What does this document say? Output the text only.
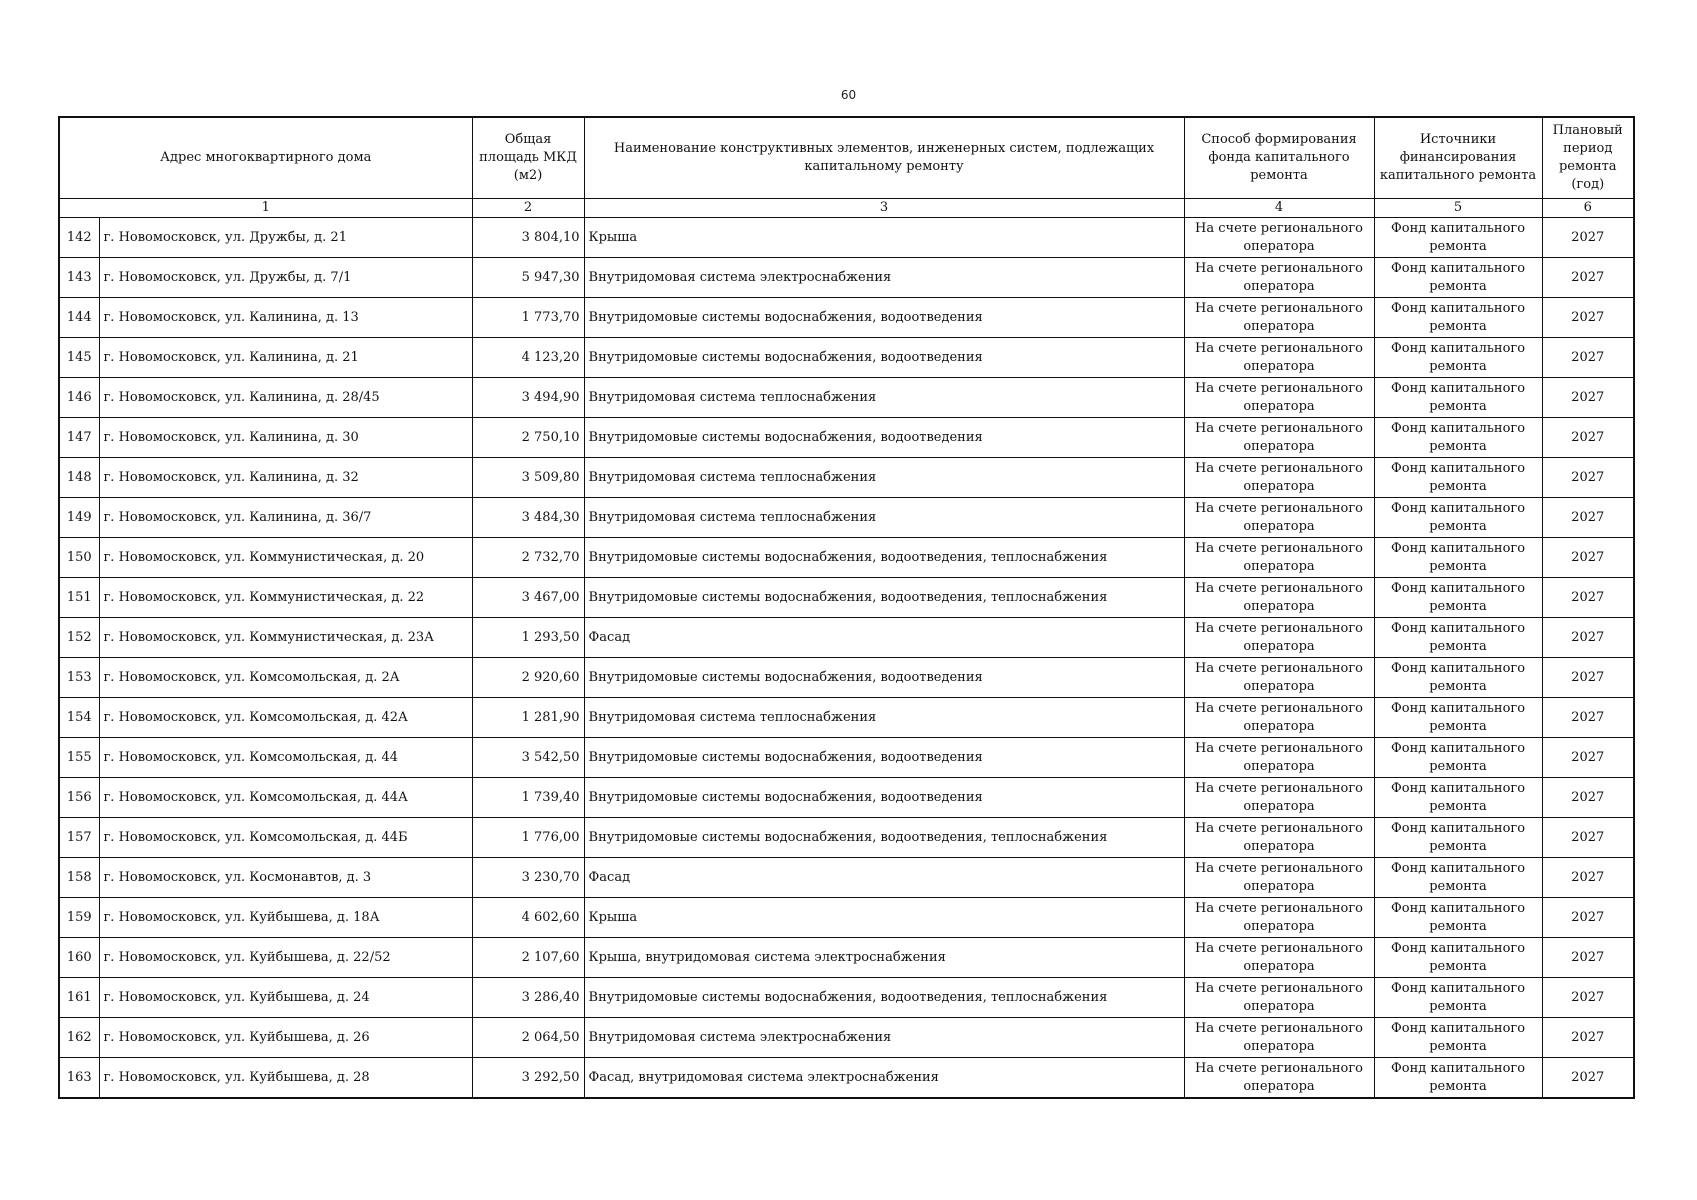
60
Адрес многоквартирного дома		Общая площадь МКД (м2)	Наименование конструктивных элементов, инженерных систем, подлежащих капитальному ремонту	Способ формирования фонда капитального ремонта	Источники финансирования капитального ремонта	Плановый период ремонта (год)
1		2	3	4	5	6
142	г. Новомосковск, ул. Дружбы, д. 21	3 804,10	Крыша	На счете регионального оператора	Фонд капитального ремонта	2027
143	г. Новомосковск, ул. Дружбы, д. 7/1	5 947,30	Внутридомовая система электроснабжения	На счете регионального оператора	Фонд капитального ремонта	2027
144	г. Новомосковск, ул. Калинина, д. 13	1 773,70	Внутридомовые системы водоснабжения, водоотведения	На счете регионального оператора	Фонд капитального ремонта	2027
145	г. Новомосковск, ул. Калинина, д. 21	4 123,20	Внутридомовые системы водоснабжения, водоотведения	На счете регионального оператора	Фонд капитального ремонта	2027
146	г. Новомосковск, ул. Калинина, д. 28/45	3 494,90	Внутридомовая система теплоснабжения	На счете регионального оператора	Фонд капитального ремонта	2027
147	г. Новомосковск, ул. Калинина, д. 30	2 750,10	Внутридомовые системы водоснабжения, водоотведения	На счете регионального оператора	Фонд капитального ремонта	2027
148	г. Новомосковск, ул. Калинина, д. 32	3 509,80	Внутридомовая система теплоснабжения	На счете регионального оператора	Фонд капитального ремонта	2027
149	г. Новомосковск, ул. Калинина, д. 36/7	3 484,30	Внутридомовая система теплоснабжения	На счете регионального оператора	Фонд капитального ремонта	2027
150	г. Новомосковск, ул. Коммунистическая, д. 20	2 732,70	Внутридомовые системы водоснабжения, водоотведения, теплоснабжения	На счете регионального оператора	Фонд капитального ремонта	2027
151	г. Новомосковск, ул. Коммунистическая, д. 22	3 467,00	Внутридомовые системы водоснабжения, водоотведения, теплоснабжения	На счете регионального оператора	Фонд капитального ремонта	2027
152	г. Новомосковск, ул. Коммунистическая, д. 23А	1 293,50	Фасад	На счете регионального оператора	Фонд капитального ремонта	2027
153	г. Новомосковск, ул. Комсомольская, д. 2А	2 920,60	Внутридомовые системы водоснабжения, водоотведения	На счете регионального оператора	Фонд капитального ремонта	2027
154	г. Новомосковск, ул. Комсомольская, д. 42А	1 281,90	Внутридомовая система теплоснабжения	На счете регионального оператора	Фонд капитального ремонта	2027
155	г. Новомосковск, ул. Комсомольская, д. 44	3 542,50	Внутридомовые системы водоснабжения, водоотведения	На счете регионального оператора	Фонд капитального ремонта	2027
156	г. Новомосковск, ул. Комсомольская, д. 44А	1 739,40	Внутридомовые системы водоснабжения, водоотведения	На счете регионального оператора	Фонд капитального ремонта	2027
157	г. Новомосковск, ул. Комсомольская, д. 44Б	1 776,00	Внутридомовые системы водоснабжения, водоотведения, теплоснабжения	На счете регионального оператора	Фонд капитального ремонта	2027
158	г. Новомосковск, ул. Космонавтов, д. 3	3 230,70	Фасад	На счете регионального оператора	Фонд капитального ремонта	2027
159	г. Новомосковск, ул. Куйбышева, д. 18А	4 602,60	Крыша	На счете регионального оператора	Фонд капитального ремонта	2027
160	г. Новомосковск, ул. Куйбышева, д. 22/52	2 107,60	Крыша, внутридомовая система электроснабжения	На счете регионального оператора	Фонд капитального ремонта	2027
161	г. Новомосковск, ул. Куйбышева, д. 24	3 286,40	Внутридомовые системы водоснабжения, водоотведения, теплоснабжения	На счете регионального оператора	Фонд капитального ремонта	2027
162	г. Новомосковск, ул. Куйбышева, д. 26	2 064,50	Внутридомовая система электроснабжения	На счете регионального оператора	Фонд капитального ремонта	2027
163	г. Новомосковск, ул. Куйбышева, д. 28	3 292,50	Фасад, внутридомовая система электроснабжения	На счете регионального оператора	Фонд капитального ремонта	2027
